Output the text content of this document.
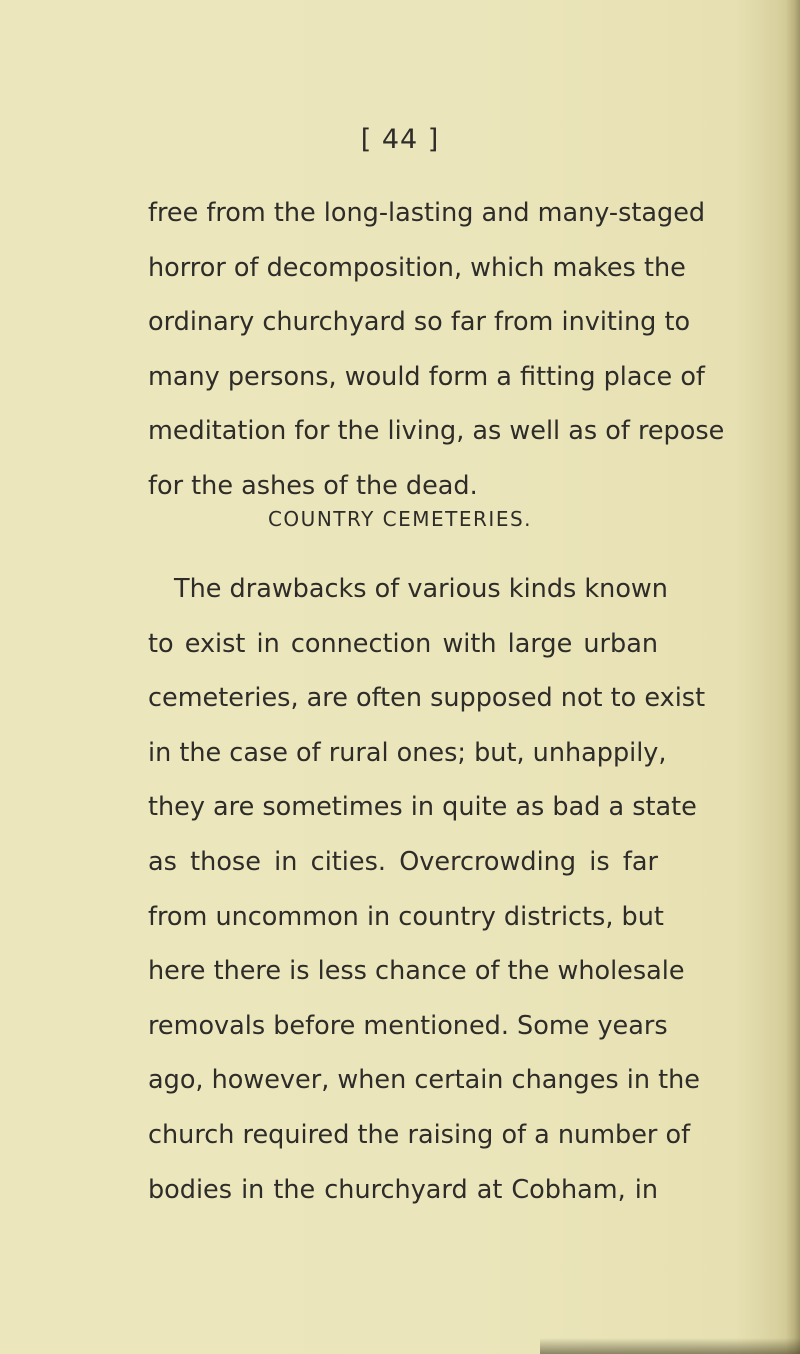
[ 44 ]
free from the long-lasting and many-staged
horror of decomposition, which makes the
ordinary churchyard so far from inviting to
many persons, would form a fitting place of
meditation for the living, as well as of repose
for the ashes of the dead.
COUNTRY CEMETERIES.
The drawbacks of various kinds known
to exist in connection with large urban
cemeteries, are often supposed not to exist
in the case of rural ones; but, unhappily,
they are sometimes in quite as bad a state
as those in cities. Overcrowding is far
from uncommon in country districts, but
here there is less chance of the wholesale
removals before mentioned. Some years
ago, however, when certain changes in the
church required the raising of a number of
bodies in the churchyard at Cobham, in
